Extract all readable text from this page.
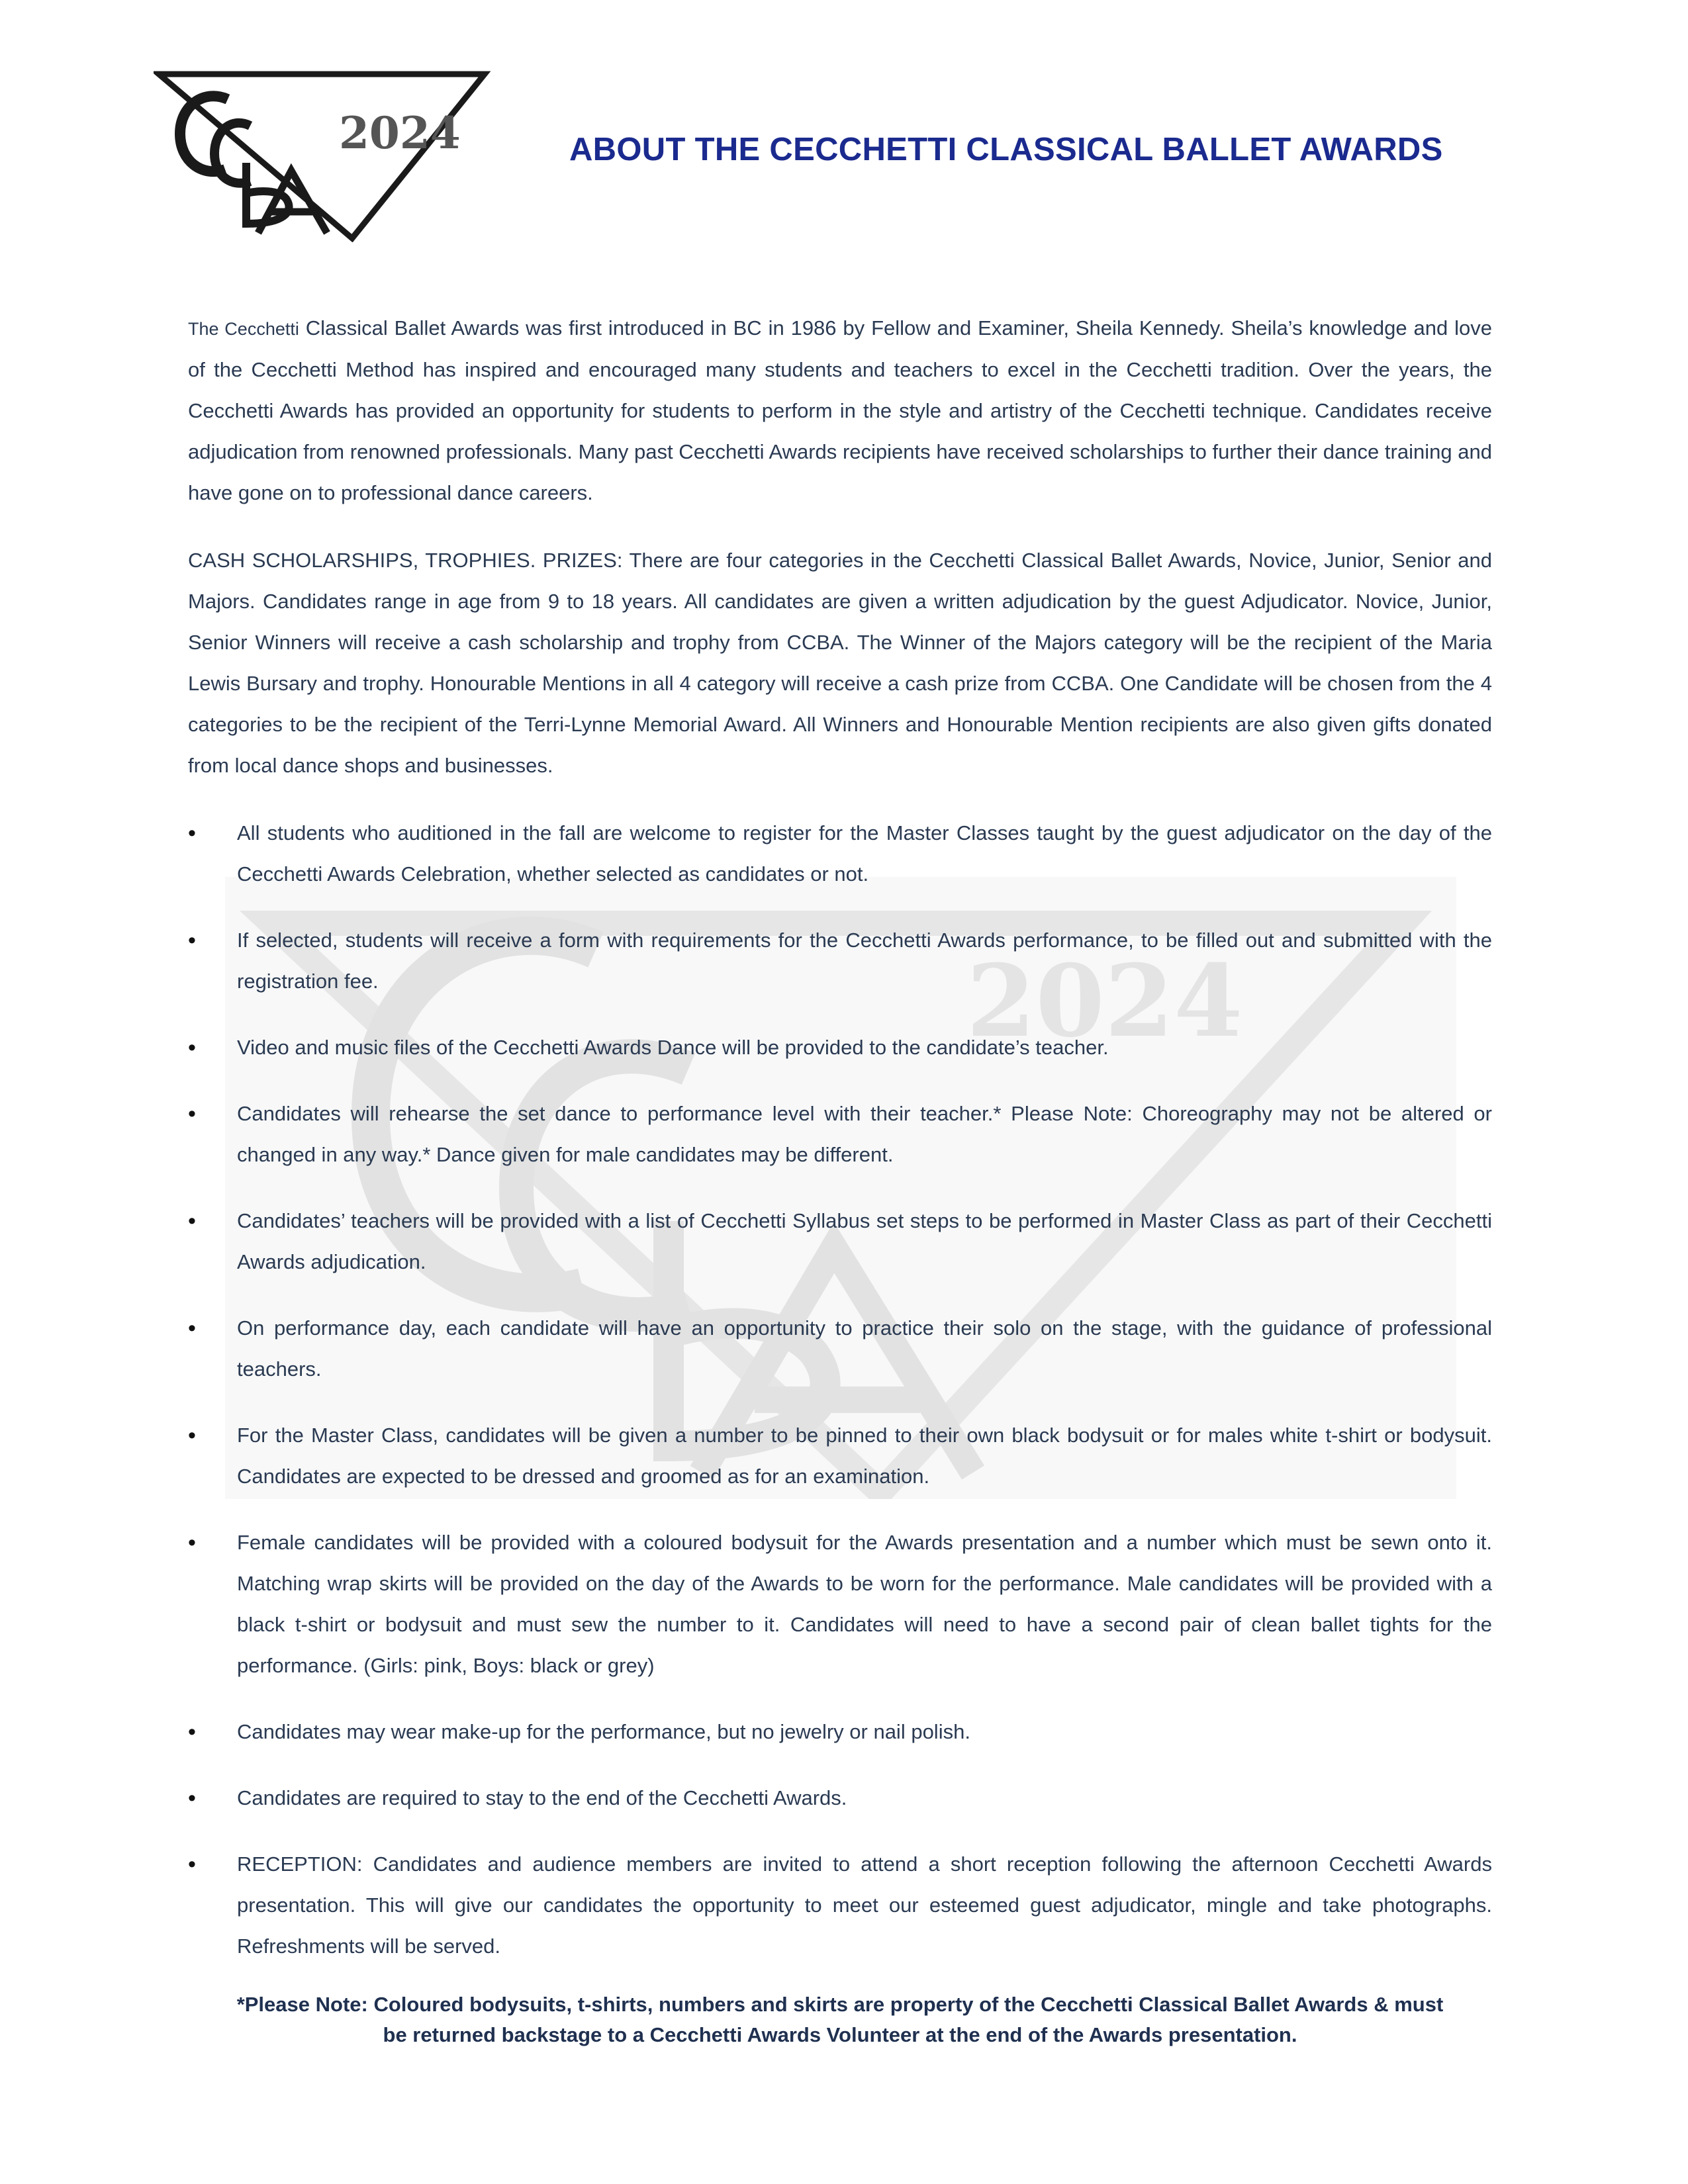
2024	ABOUT THE CECCHETTI CLASSICAL BALLET AWARDS
2024

The Cecchetti Classical Ballet Awards was first introduced in BC in 1986 by Fellow and Examiner, Sheila Kennedy. Sheila’s knowledge and love of the Cecchetti Method has inspired and encouraged many students and teachers to excel in the Cecchetti tradition. Over the years, the Cecchetti Awards has provided an opportunity for students to perform in the style and artistry of the Cecchetti technique. Candidates receive adjudication from renowned professionals. Many past Cecchetti Awards recipients have received scholarships to further their dance training and have gone on to professional dance careers.

CASH SCHOLARSHIPS, TROPHIES. PRIZES: There are four categories in the Cecchetti Classical Ballet Awards, Novice, Junior, Senior and Majors. Candidates range in age from 9 to 18 years. All candidates are given a written adjudication by the guest Adjudicator. Novice, Junior, Senior Winners will receive a cash scholarship and trophy from CCBA. The Winner of the Majors category will be the recipient of the Maria Lewis Bursary and trophy. Honourable Mentions in all 4 category will receive a cash prize from CCBA. One Candidate will be chosen from the 4 categories to be the recipient of the Terri-Lynne Memorial Award. All Winners and Honourable Mention recipients are also given gifts donated from local dance shops and businesses.

• All students who auditioned in the fall are welcome to register for the Master Classes taught by the guest adjudicator on the day of the Cecchetti Awards Celebration, whether selected as candidates or not.
• If selected, students will receive a form with requirements for the Cecchetti Awards performance, to be filled out and submitted with the registration fee.
• Video and music files of the Cecchetti Awards Dance will be provided to the candidate’s teacher.
• Candidates will rehearse the set dance to performance level with their teacher.* Please Note: Choreography may not be altered or changed in any way.* Dance given for male candidates may be different.
• Candidates’ teachers will be provided with a list of Cecchetti Syllabus set steps to be performed in Master Class as part of their Cecchetti Awards adjudication.
• On performance day, each candidate will have an opportunity to practice their solo on the stage, with the guidance of professional teachers.
• For the Master Class, candidates will be given a number to be pinned to their own black bodysuit or for males white t-shirt or bodysuit. Candidates are expected to be dressed and groomed as for an examination.
• Female candidates will be provided with a coloured bodysuit for the Awards presentation and a number which must be sewn onto it. Matching wrap skirts will be provided on the day of the Awards to be worn for the performance. Male candidates will be provided with a black t-shirt or bodysuit and must sew the number to it. Candidates will need to have a second pair of clean ballet tights for the performance. (Girls: pink, Boys: black or grey)
• Candidates may wear make-up for the performance, but no jewelry or nail polish.
• Candidates are required to stay to the end of the Cecchetti Awards.
• RECEPTION: Candidates and audience members are invited to attend a short reception following the afternoon Cecchetti Awards presentation. This will give our candidates the opportunity to meet our esteemed guest adjudicator, mingle and take photographs. Refreshments will be served.

*Please Note: Coloured bodysuits, t-shirts, numbers and skirts are property of the Cecchetti Classical Ballet Awards & must
be returned backstage to a Cecchetti Awards Volunteer at the end of the Awards presentation.
